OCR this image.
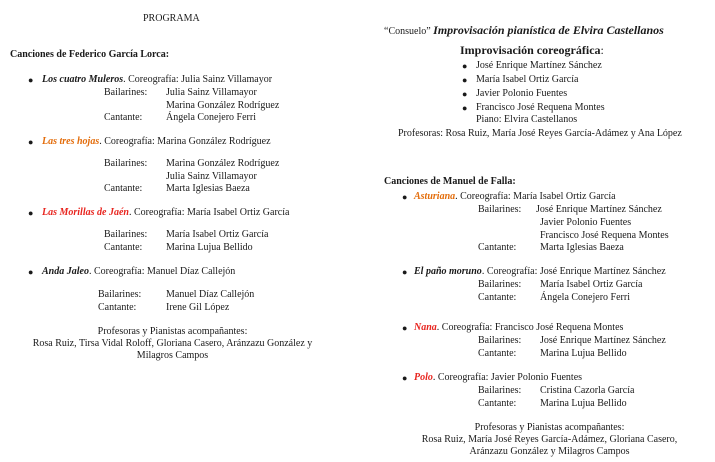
PROGRAMA
Canciones de Federico García Lorca:
● Los cuatro Muleros. Coreografía: Julia Sainz Villamayor
Bailarines: Julia Sainz Villamayor
Marina González Rodríguez
Cantante: Ángela Conejero Ferri
● Las tres hojas. Coreografía: Marina González Rodríguez
Bailarines: Marina González Rodríguez
Julia Sainz Villamayor
Cantante: Marta Iglesias Baeza
● Las Morillas de Jaén. Coreografía: María Isabel Ortiz García
Bailarines: María Isabel Ortiz García
Cantante: Marina Lujua Bellido
● Anda Jaleo. Coreografía: Manuel Díaz Callejón
Bailarines: Manuel Díaz Callejón
Cantante:	Irene Gil López
Profesoras y Pianistas acompañantes:
Rosa Ruiz, Tirsa Vidal Roloff, Gloriana Casero, Aránzazu González y
Milagros Campos
“Consuelo” Improvisación pianística de Elvira Castellanos
Improvisación coreográfica:
● José Enrique Martínez Sánchez
● María Isabel Ortiz García
● Javier Polonio Fuentes
● Francisco José Requena Montes
Piano: Elvira Castellanos
Profesoras: Rosa Ruiz, María José Reyes García-Adámez y Ana López
Canciones de Manuel de Falla:
● Asturiana. Coreografía: María Isabel Ortiz García
Bailarines: José Enrique Martínez Sánchez
Javier Polonio Fuentes
Francisco José Requena Montes
Cantante: Marta Iglesias Baeza
● El paño moruno. Coreografía: José Enrique Martínez Sánchez
Bailarines: María Isabel Ortiz García
Cantante: Ángela Conejero Ferri
● Nana. Coreografía: Francisco José Requena Montes
Bailarines: José Enrique Martínez Sánchez
Cantante: Marina Lujua Bellido
● Polo. Coreografía: Javier Polonio Fuentes
Bailarines: Cristina Cazorla García
Cantante: Marina Lujua Bellido
Profesoras y Pianistas acompañantes:
Rosa Ruiz, María José Reyes García-Adámez, Gloriana Casero,
Aránzazu González y Milagros Campos
